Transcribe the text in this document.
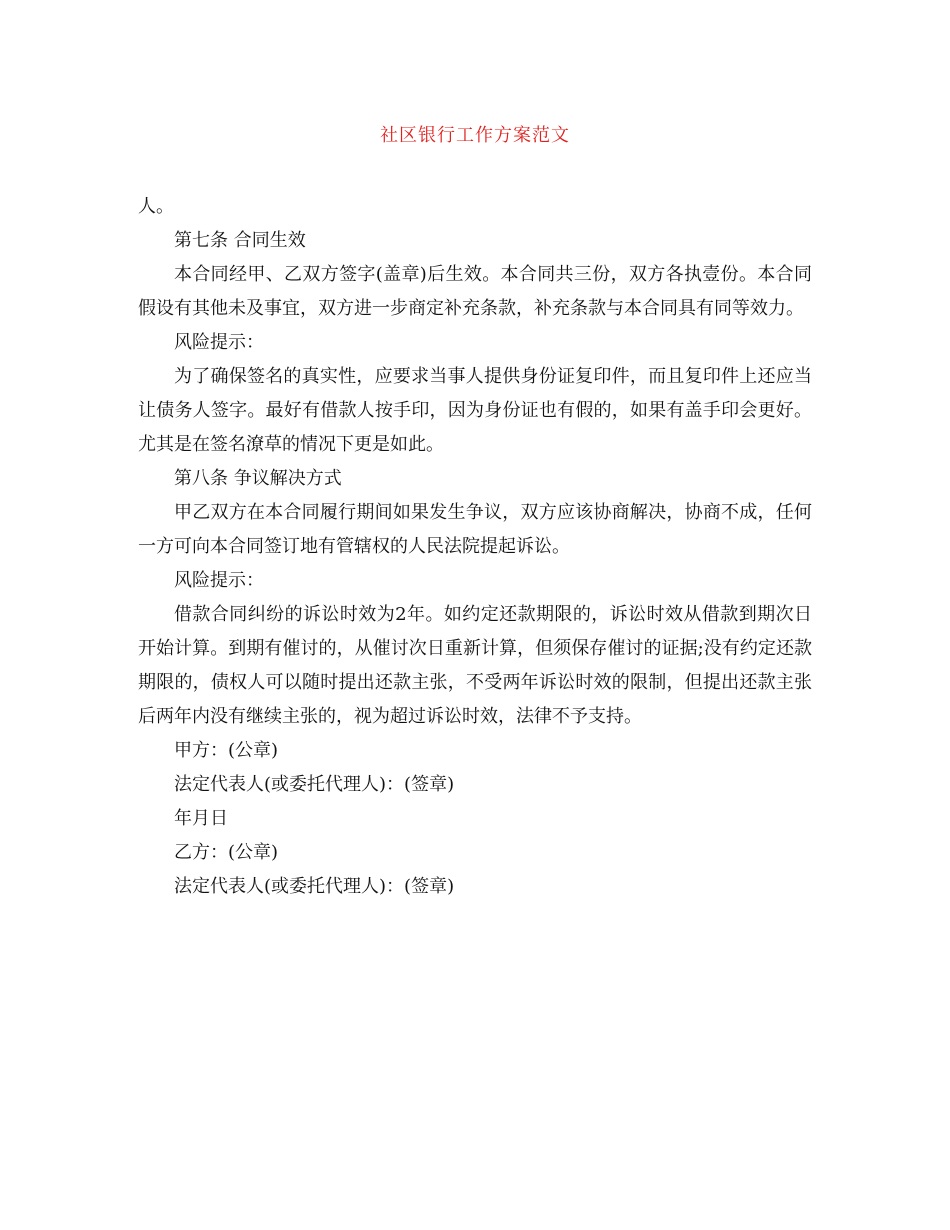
社区银行工作方案范文

人。

第七条 合同生效

本合同经甲、乙双方签字(盖章)后生效。本合同共三份，双方各执壹份。本合同假设有其他未及事宜，双方进一步商定补充条款，补充条款与本合同具有同等效力。

风险提示：

为了确保签名的真实性，应要求当事人提供身份证复印件，而且复印件上还应当让债务人签字。最好有借款人按手印，因为身份证也有假的，如果有盖手印会更好。尤其是在签名潦草的情况下更是如此。

第八条 争议解决方式

甲乙双方在本合同履行期间如果发生争议，双方应该协商解决，协商不成，任何一方可向本合同签订地有管辖权的人民法院提起诉讼。

风险提示：

借款合同纠纷的诉讼时效为2年。如约定还款期限的，诉讼时效从借款到期次日开始计算。到期有催讨的，从催讨次日重新计算，但须保存催讨的证据;没有约定还款期限的，债权人可以随时提出还款主张，不受两年诉讼时效的限制，但提出还款主张后两年内没有继续主张的，视为超过诉讼时效，法律不予支持。

甲方：(公章)

法定代表人(或委托代理人)：(签章)

年月日

乙方：(公章)

法定代表人(或委托代理人)：(签章)
